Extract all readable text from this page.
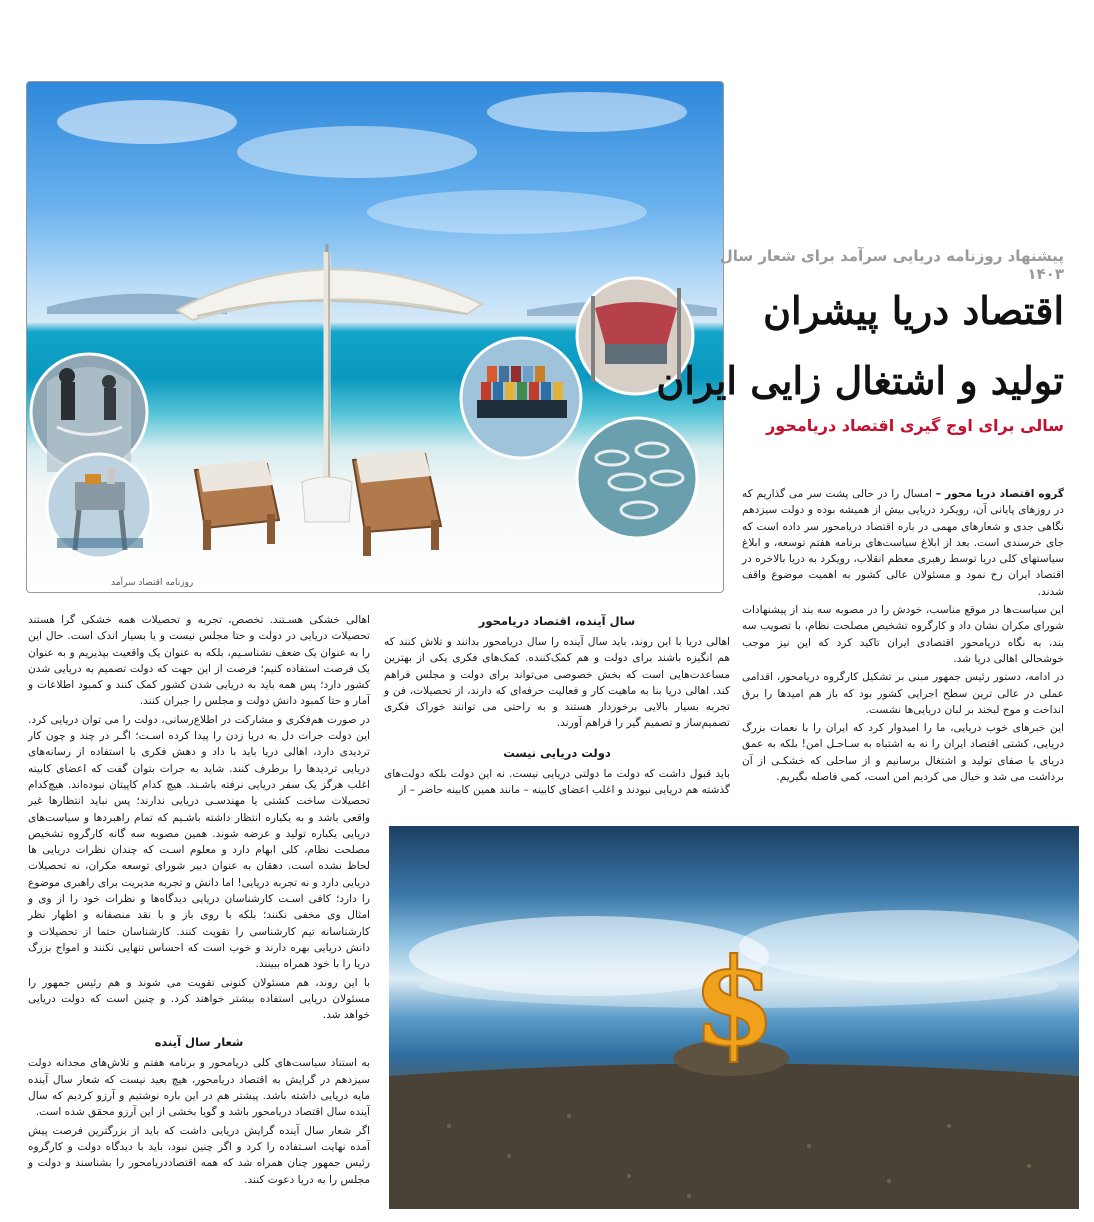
روزنامه اقتصاد سرآمد
پیشنهاد روزنامه دریایی سرآمد برای شعار سال ۱۴۰۳
اقتصاد دریا پیشران
تولید و اشتغال زایی ایران
سالی برای اوج گیری اقتصاد دریامحور

گروه اقتصاد دریا محور – امسال را در حالی پشت سر می گذاریم که در روزهای پایانی آن، رویکرد دریایی بیش از همیشه بوده و دولت سیزدهم نگاهی جدی و شعارهای مهمی در باره اقتصاد دریامحور سر داده است که جای خرسندی است. بعد از ابلاغ سیاست‌های برنامه هفتم توسعه، و ابلاغ سیاستهای کلی دریا توسط رهبری معظم انقلاب، رویکرد به دریا بالاخره در اقتصاد ایران رخ نمود و مسئولان عالی کشور به اهمیت موضوع واقف شدند.

این سیاست‌ها در موقع مناسب، خودش را در مصوبه سه بند از پیشنهادات شورای مکران نشان داد و کارگروه تشخیص مصلحت نظام، با تصویب سه بند، به نگاه دریامحور اقتصادی ایران تاکید کرد که این نیز موجب خوشحالی اهالی دریا شد.

در ادامه، دستور رئیس جمهور مبنی بر تشکیل کارگروه دریامحور، اقدامی عملی در عالی ترین سطح اجرایی کشور بود که باز هم امیدها را برق انداخت و موج لبخند بر لبان دریایی‌ها نشست.

این خبرهای خوب دریایی، ما را امیدوار کرد که ایران را با نعمات بزرگ دریایی، کشتی اقتصاد ایران را نه به اشتباه به سـاحـل امن! بلکه به عمق دریای با صفای تولید و اشتغال برسانیم و از ساحلی که خشکـی از آن برداشت می شد و خیال می کردیم امن است، کمی فاصله بگیریم.

سال آینده، اقتصاد دریامحور

اهالی دریا با این روند، باید سال آینده را سال دریامحور بدانند و تلاش کنند که هم انگیزه باشند برای دولت و هم کمک‌کننده. کمک‌های فکری یکی از بهترین مساعدت‌هایی است که بخش خصوصی می‌تواند برای دولت و مجلس فراهم کند. اهالی دریا بنا به ماهیت کار و فعالیت حرفه‌ای که دارند، از تحصیلات، فن و تجربه بسیار بالایی برخوردار هستند و به راحتی می توانند خوراک فکری تصمیم‌ساز و تصمیم گیر را فراهم آورند.

دولت دریایی نیست

باید قبول داشت که دولت ما دولتی دریایی نیست. نه این دولت بلکه دولت‌های گذشته هم دریایی نبودند و اغلب اعضای کابینه – مانند همین کابینه حاضر – از

اهالی خشکی هسـتند. تخصص، تجربه و تحصیلات همه خشکی گرا هستند تحصیلات دریایی در دولت و حتا مجلس نیست و یا بسیار اندک است. حال این را به عنوان یک ضعف نشناسـیم، بلکه به عنوان یک واقعیت بپذیریم و به عنوان یک فرصت استفاده کنیم؛ فرصت از این جهت که دولت تصمیم به دریایی شدن کشور دارد؛ پس همه باید به دریایی شدن کشور کمک کنند و کمبود اطلاعات و آمار و حتا کمبود دانش دولت و مجلس را جبران کنند.

در صورت هم‌فکری و مشارکت در اطلاع‌رسانی، دولت را می توان دریایی کرد. این دولت جرات دل به دریا زدن را پیدا کرده اسـت؛ اگـر در چند و چون کار تردیدی دارد، اهالی دریا باید با داد و دهش فکری با استفاده از رسانه‌های دریایی تردیدها را برطرف کنند. شاید به جرات بتوان گفت که اعضای کابینه اغلب هرگز یک سفر دریایی نرفته باشـند. هیچ کدام کاپیتان نبوده‌اند. هیچ‌کدام تحصیلات ساخت کشتی یا مهندسـی دریایی ندارند؛ پس نباید انتظارها غیر واقعی باشد و به یکباره انتظار داشته باشـیم که تمام راهبردها و سیاست‌های دریایی یکباره تولید و عرضه شوند. همین مصوبه سه گانه کارگروه تشخیص مصلحت نظام، کلی ابهام دارد و معلوم اسـت که چندان نظرات دریایی ها لحاظ نشده است. دهقان به عنوان دبیر شورای توسعه مکران، نه تحصیلات دریایی دارد و نه تجربه دریایی! اما دانش و تجربه مدیریت برای راهبری موضوع را دارد؛ کافی اسـت کارشناسان دریایی دیدگاه‌ها و نظرات خود را از وی و امثال وی مخفی نکنند؛ بلکه با روی باز و با نقد منصفانه و اظهار نظر کارشناسانه تیم کارشناسی را تقویت کنند. کارشناسان حتما از تحصیلات و دانش دریایی بهره دارند و خوب است که احساس تنهایی نکنند و امواج بزرگ دریا را با خود همراه ببینند.

با این روند، هم مسئولان کنونی تقویت می شوند و هم رئیس جمهور را مسئولان دریایی استفاده بیشتر خواهند کرد. و چنین است که دولت دریایی خواهد شد.

شعار سال آینده

به استناد سیاست‌های کلی دریامحور و برنامه هفتم و تلاش‌های مجدانه دولت سیزدهم در گرایش به اقتصاد دریامحور، هیچ بعید نیست که شعار سال آینده مایه دریایی داشته باشد. پیشتر هم در این باره نوشتیم و آرزو کردیم که سال آینده سال اقتصاد دریامحور باشد و گویا بخشی از این آرزو محقق شده است.

اگر شعار سال آینده گرایش دریایی داشت که باید از بزرگترین فرصت پیش آمده نهایت اسـتفاده را کرد و اگر چنین نبود، باید با دیدگاه دولت و کارگروه رئیس جمهور چنان همراه شد که همه اقتصاددریامحور را بشناسند و دولت و مجلس را به دریا دعوت کنند.

$
